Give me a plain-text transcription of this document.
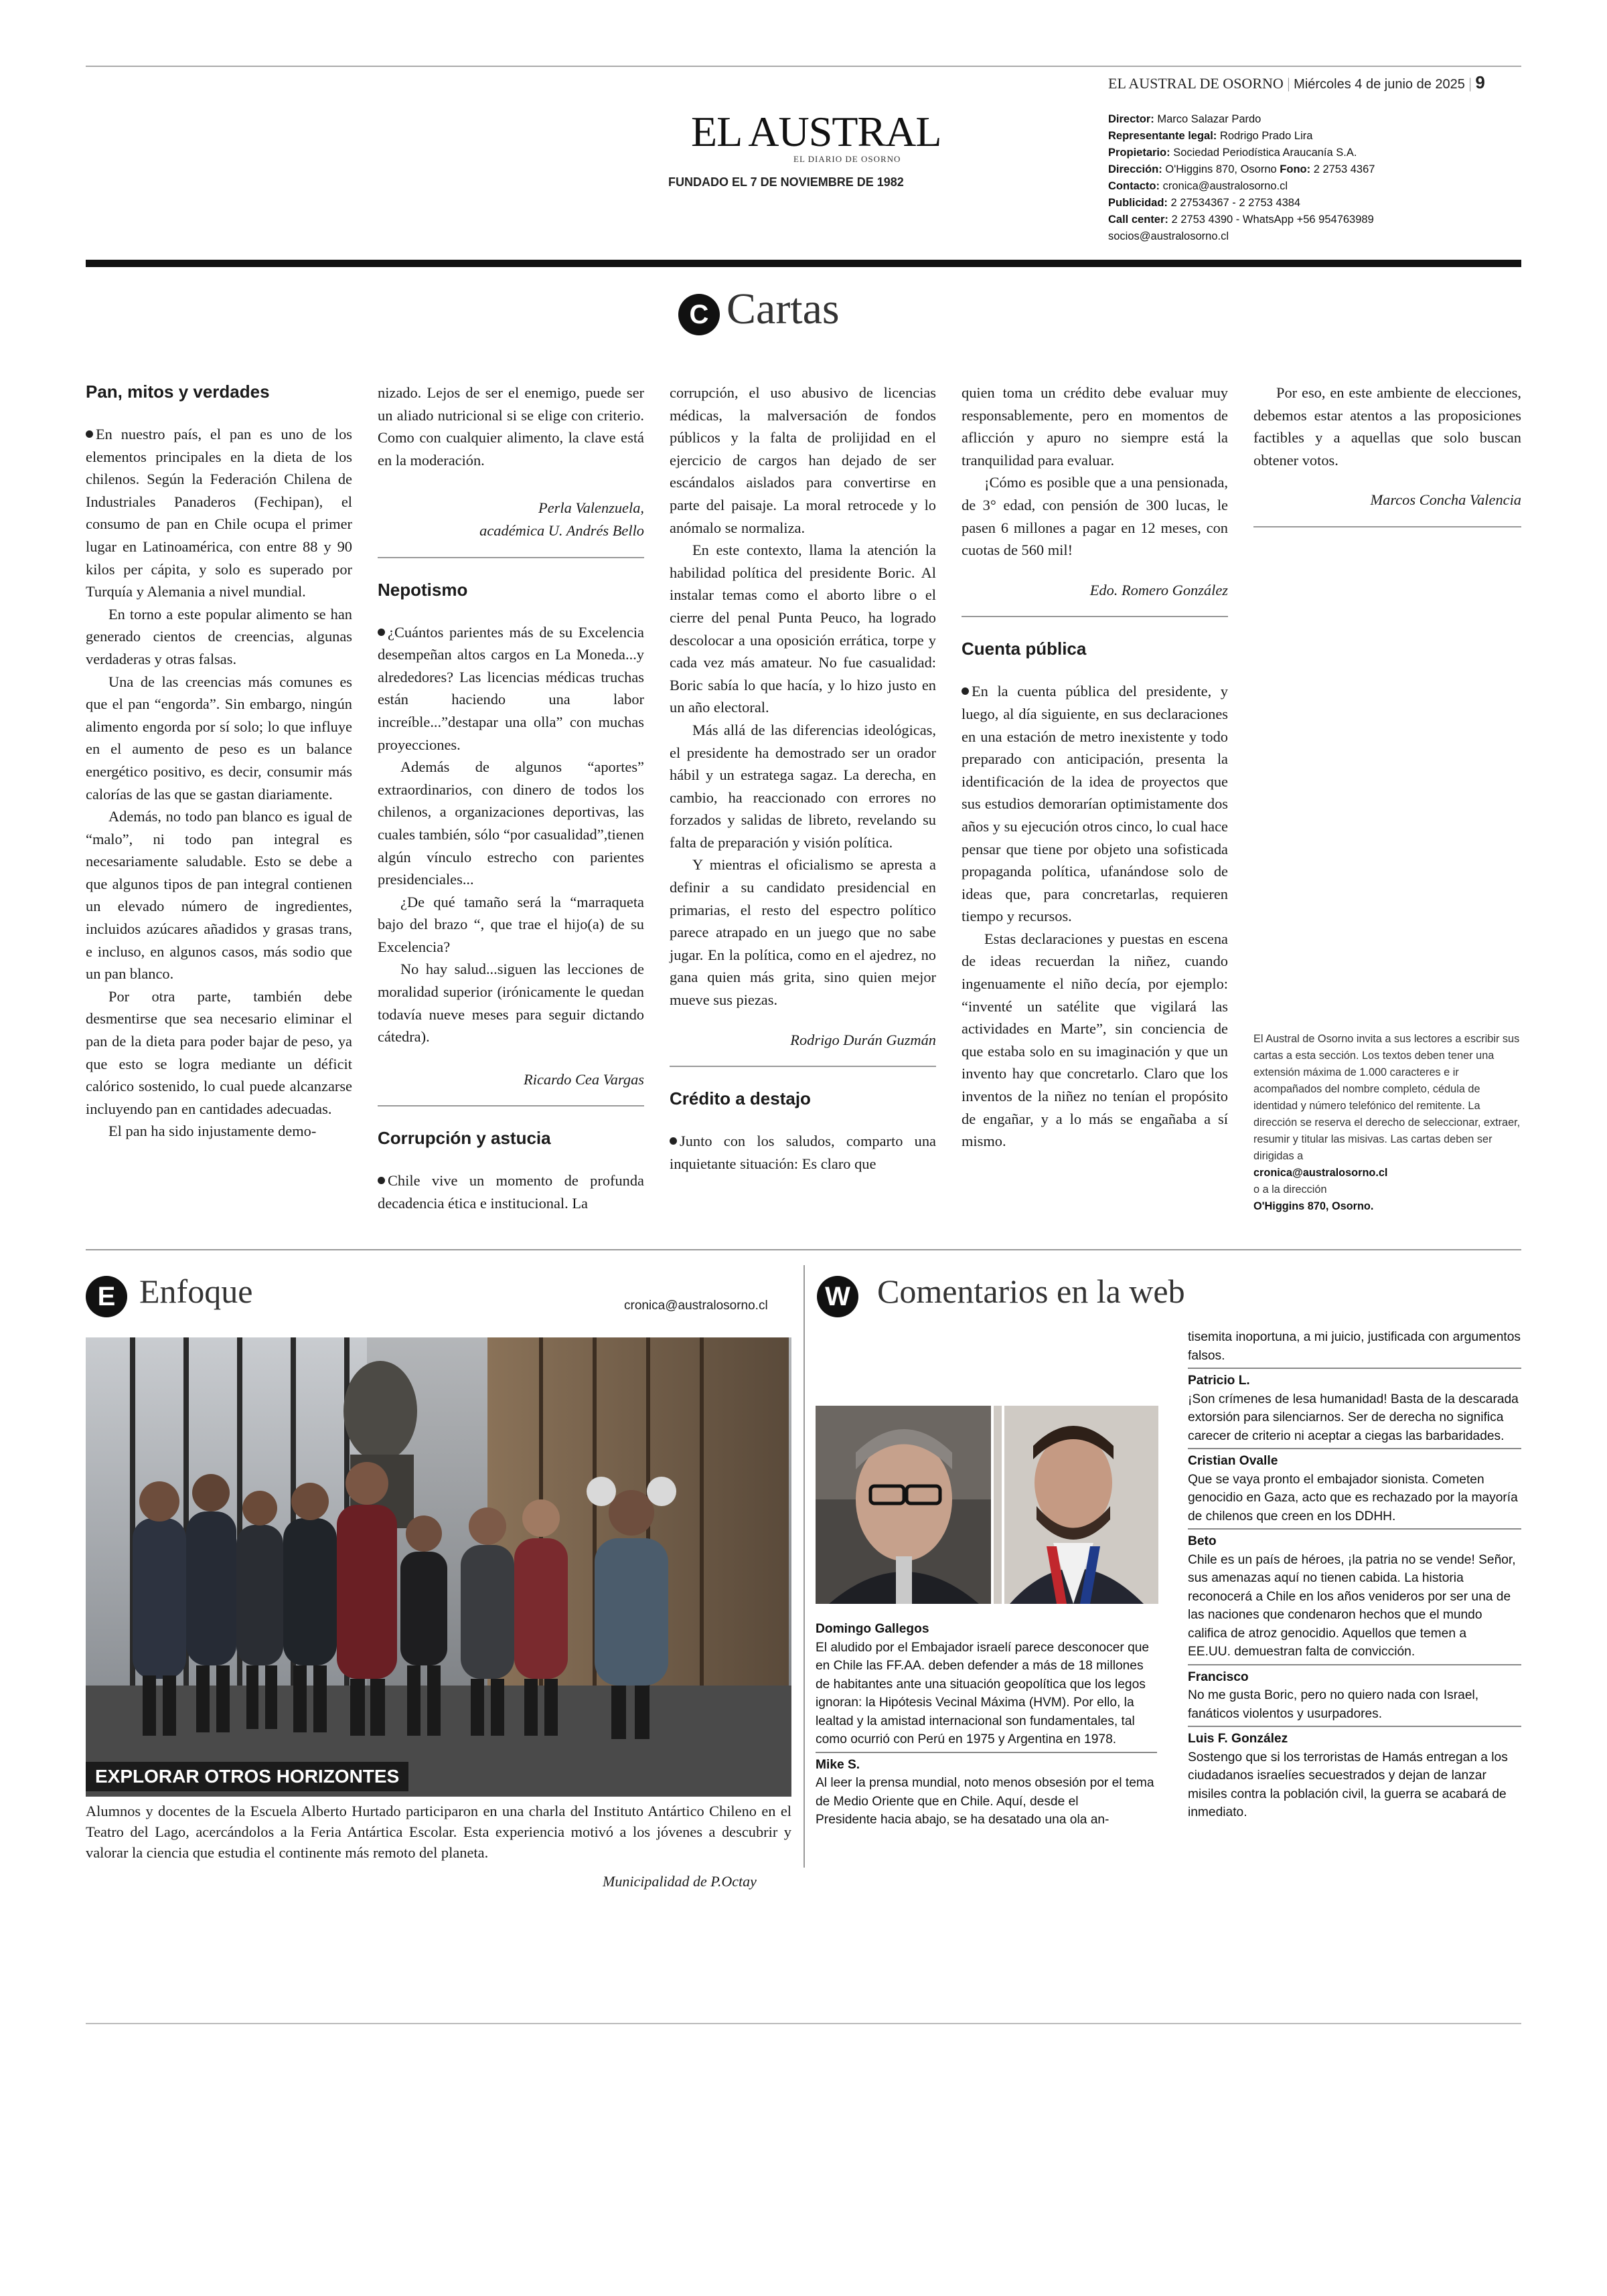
EL AUSTRAL DE OSORNO | Miércoles 4 de junio de 2025 | 9
EL AUSTRAL
EL DIARIO DE OSORNO
FUNDADO EL 7 DE NOVIEMBRE DE 1982
Director: Marco Salazar Pardo
Representante legal: Rodrigo Prado Lira
Propietario: Sociedad Periodística Araucanía S.A.
Dirección: O'Higgins 870, Osorno Fono: 2 2753 4367
Contacto: cronica@australosorno.cl
Publicidad: 2 27534367 - 2 2753 4384
Call center: 2 2753 4390 - WhatsApp +56 954763989
socios@australosorno.cl
C Cartas
Pan, mitos y verdades

En nuestro país, el pan es uno de los elementos principales en la dieta de los chilenos. Según la Federación Chilena de Industriales Panaderos (Fechipan), el consumo de pan en Chile ocupa el primer lugar en Latinoamérica, con entre 88 y 90 kilos per cápita, y solo es superado por Turquía y Alemania a nivel mundial.

En torno a este popular alimento se han generado cientos de creencias, algunas verdaderas y otras falsas.

Una de las creencias más comunes es que el pan “engorda”. Sin embargo, ningún alimento engorda por sí solo; lo que influye en el aumento de peso es un balance energético positivo, es decir, consumir más calorías de las que se gastan diariamente.

Además, no todo pan blanco es igual de “malo”, ni todo pan integral es necesariamente saludable. Esto se debe a que algunos tipos de pan integral contienen un elevado número de ingredientes, incluidos azúcares añadidos y grasas trans, e incluso, en algunos casos, más sodio que un pan blanco.

Por otra parte, también debe desmentirse que sea necesario eliminar el pan de la dieta para poder bajar de peso, ya que esto se logra mediante un déficit calórico sostenido, lo cual puede alcanzarse incluyendo pan en cantidades adecuadas.

El pan ha sido injustamente demo-

nizado. Lejos de ser el enemigo, puede ser un aliado nutricional si se elige con criterio. Como con cualquier alimento, la clave está en la moderación.

Perla Valenzuela,

académica U. Andrés Bello

Nepotismo

¿Cuántos parientes más de su Excelencia desempeñan altos cargos en La Moneda...y alrededores? Las licencias médicas truchas están haciendo una labor increíble...”destapar una olla” con muchas proyecciones.

Además de algunos “aportes” extraordinarios, con dinero de todos los chilenos, a organizaciones deportivas, las cuales también, sólo “por casualidad”,tienen algún vínculo estrecho con parientes presidenciales...

¿De qué tamaño será la “marraqueta bajo del brazo “, que trae el hijo(a) de su Excelencia?

No hay salud...siguen las lecciones de moralidad superior (irónicamente le quedan todavía nueve meses para seguir dictando cátedra).

Ricardo Cea Vargas

Corrupción y astucia

Chile vive un momento de profunda decadencia ética e institucional. La

corrupción, el uso abusivo de licencias médicas, la malversación de fondos públicos y la falta de prolijidad en el ejercicio de cargos han dejado de ser escándalos aislados para convertirse en parte del paisaje. La moral retrocede y lo anómalo se normaliza.

En este contexto, llama la atención la habilidad política del presidente Boric. Al instalar temas como el aborto libre o el cierre del penal Punta Peuco, ha logrado descolocar a una oposición errática, torpe y cada vez más amateur. No fue casualidad: Boric sabía lo que hacía, y lo hizo justo en un año electoral.

Más allá de las diferencias ideológicas, el presidente ha demostrado ser un orador hábil y un estratega sagaz. La derecha, en cambio, ha reaccionado con errores no forzados y salidas de libreto, revelando su falta de preparación y visión política.

Y mientras el oficialismo se apresta a definir a su candidato presidencial en primarias, el resto del espectro político parece atrapado en un juego que no sabe jugar. En la política, como en el ajedrez, no gana quien más grita, sino quien mejor mueve sus piezas.

Rodrigo Durán Guzmán

Crédito a destajo

Junto con los saludos, comparto una inquietante situación: Es claro que

quien toma un crédito debe evaluar muy responsablemente, pero en momentos de aflicción y apuro no siempre está la tranquilidad para evaluar.

¡Cómo es posible que a una pensionada, de 3° edad, con pensión de 300 lucas, le pasen 6 millones a pagar en 12 meses, con cuotas de 560 mil!

Edo. Romero González

Cuenta pública

En la cuenta pública del presidente, y luego, al día siguiente, en sus declaraciones en una estación de metro inexistente y todo preparado con anticipación, presenta la identificación de la idea de proyectos que sus estudios demorarían optimistamente dos años y su ejecución otros cinco, lo cual hace pensar que tiene por objeto una sofisticada propaganda política, ufanándose solo de ideas que, para concretarlas, requieren tiempo y recursos.

Estas declaraciones y puestas en escena de ideas recuerdan la niñez, cuando ingenuamente el niño decía, por ejemplo: “inventé un satélite que vigilará las actividades en Marte”, sin conciencia de que estaba solo en su imaginación y que un invento hay que concretarlo. Claro que los inventos de la niñez no tenían el propósito de engañar, y a lo más se engañaba a sí mismo.

Por eso, en este ambiente de elecciones, debemos estar atentos a las proposiciones factibles y a aquellas que solo buscan obtener votos.

Marcos Concha Valencia

El Austral de Osorno invita a sus lectores a escribir sus cartas a esta sección. Los textos deben tener una extensión máxima de 1.000 caracteres e ir acompañados del nombre completo, cédula de identidad y número telefónico del remitente. La dirección se reserva el derecho de seleccionar, extraer, resumir y titular las misivas. Las cartas deben ser dirigidas a
cronica@australosorno.cl
o a la dirección
O'Higgins 870, Osorno.
E Enfoque	cronica@australosorno.cl
EXPLORAR OTROS HORIZONTES
Alumnos y docentes de la Escuela Alberto Hurtado participaron en una charla del Instituto Antártico Chileno en el Teatro del Lago, acercándolos a la Feria Antártica Escolar. Esta experiencia motivó a los jóvenes a descubrir y valorar la ciencia que estudia el continente más remoto del planeta.
Municipalidad de P.Octay
W Comentarios en la web
Domingo Gallegos
El aludido por el Embajador israelí parece desconocer que en Chile las FF.AA. deben defender a más de 18 millones de habitantes ante una situación geopolítica que los legos ignoran: la Hipótesis Vecinal Máxima (HVM). Por ello, la lealtad y la amistad internacional son fundamentales, tal como ocurrió con Perú en 1975 y Argentina en 1978.
Mike S.
Al leer la prensa mundial, noto menos obsesión por el tema de Medio Oriente que en Chile. Aquí, desde el
Presidente hacia abajo, se ha desatado una ola an-
tisemita inoportuna, a mi juicio, justificada con argumentos falsos.
Patricio L.
¡Son crímenes de lesa humanidad! Basta de la descarada extorsión para silenciarnos. Ser de derecha no significa carecer de criterio ni aceptar a ciegas las barbaridades.
Cristian Ovalle
Que se vaya pronto el embajador sionista. Cometen genocidio en Gaza, acto que es rechazado por la mayoría de chilenos que creen en los DDHH.
Beto
Chile es un país de héroes, ¡la patria no se vende! Señor, sus amenazas aquí no tienen cabida. La historia reconocerá a Chile en los años venideros por ser una de las naciones que condenaron hechos que el mundo califica de atroz genocidio. Aquellos que temen a
EE.UU. demuestran falta de convicción.
Francisco
No me gusta Boric, pero no quiero nada con Israel, fanáticos violentos y usurpadores.
Luis F. González
Sostengo que si los terroristas de Hamás entregan a los ciudadanos israelíes secuestrados y dejan de lanzar misiles contra la población civil, la guerra se acabará de inmediato.
